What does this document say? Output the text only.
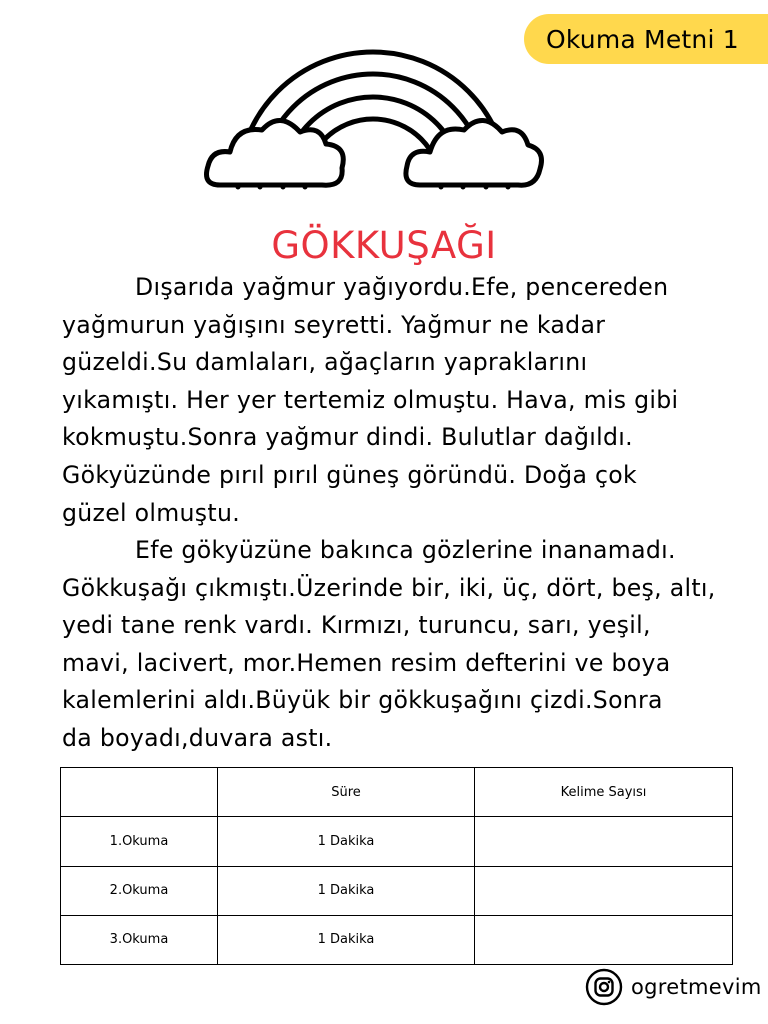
Okuma Metni 1
GÖKKUŞAĞI
Dışarıda yağmur yağıyordu.Efe, pencereden
yağmurun yağışını seyretti. Yağmur ne kadar
güzeldi.Su damlaları, ağaçların yapraklarını
yıkamıştı. Her yer tertemiz olmuştu. Hava, mis gibi
kokmuştu.Sonra yağmur dindi. Bulutlar dağıldı.
Gökyüzünde pırıl pırıl güneş göründü. Doğa çok
güzel olmuştu.
Efe gökyüzüne bakınca gözlerine inanamadı.
Gökkuşağı çıkmıştı.Üzerinde bir, iki, üç, dört, beş, altı,
yedi tane renk vardı. Kırmızı, turuncu, sarı, yeşil,
mavi, lacivert, mor.Hemen resim defterini ve boya
kalemlerini aldı.Büyük bir gökkuşağını çizdi.Sonra
da boyadı,duvara astı.
	Süre	Kelime Sayısı
1.Okuma	1 Dakika	
2.Okuma	1 Dakika	
3.Okuma	1 Dakika	
ogretmevim
